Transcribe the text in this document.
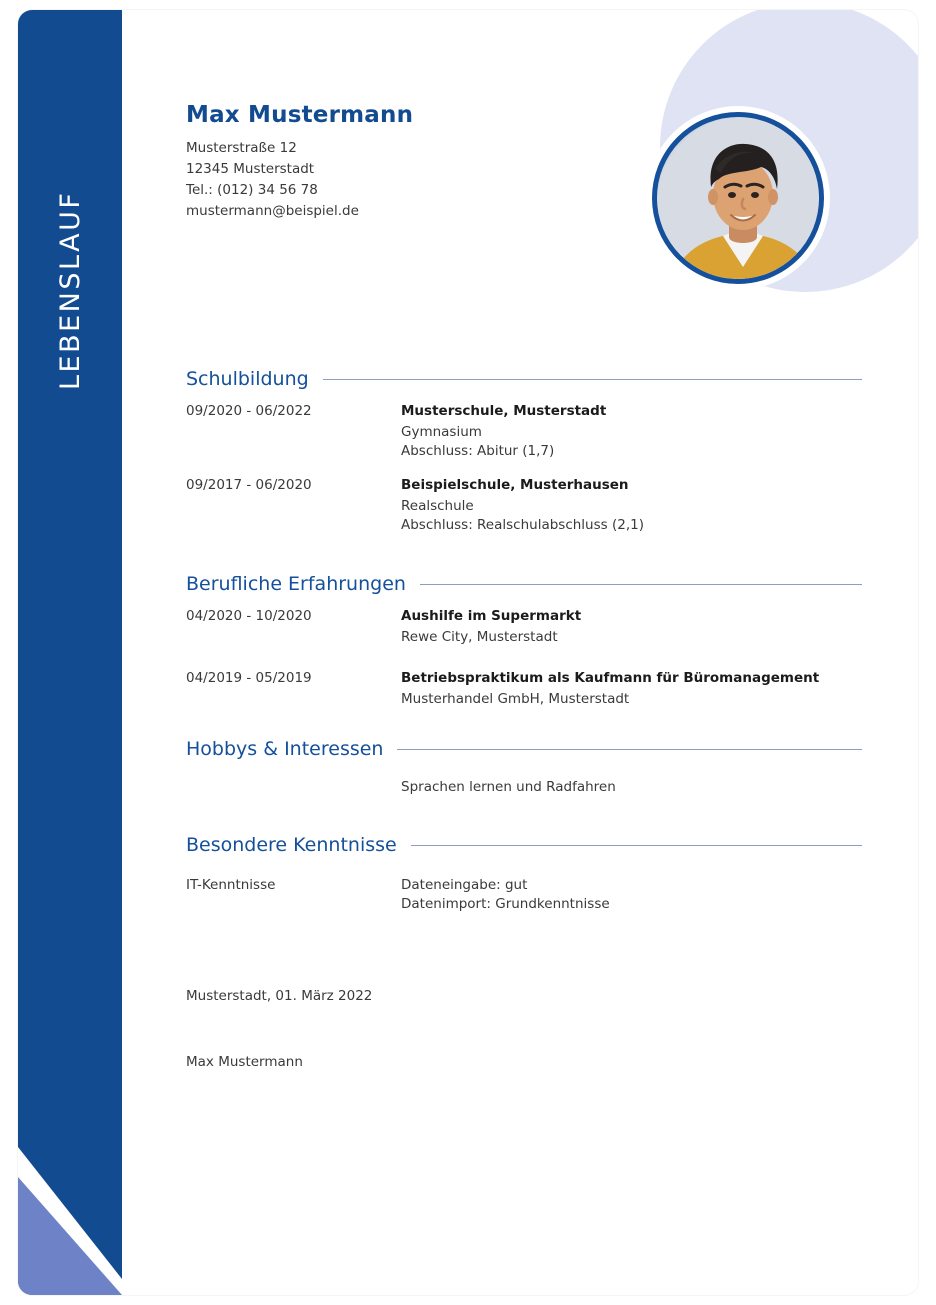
LEBENSLAUF
Max Mustermann
Musterstraße 12
12345 Musterstadt
Tel.: (012) 34 56 78
mustermann@beispiel.de
Schulbildung
09/2020 - 06/2022	Musterschule, Musterstadt
Gymnasium
Abschluss: Abitur (1,7)
09/2017 - 06/2020	Beispielschule, Musterhausen
Realschule
Abschluss: Realschulabschluss (2,1)
Berufliche Erfahrungen
04/2020 - 10/2020	Aushilfe im Supermarkt
Rewe City, Musterstadt
04/2019 - 05/2019	Betriebspraktikum als Kaufmann für Büromanagement
Musterhandel GmbH, Musterstadt
Hobbys & Interessen
Sprachen lernen und Radfahren
Besondere Kenntnisse
IT-Kenntnisse	Dateneingabe: gut
Datenimport: Grundkenntnisse
Musterstadt, 01. März 2022
Max Mustermann
